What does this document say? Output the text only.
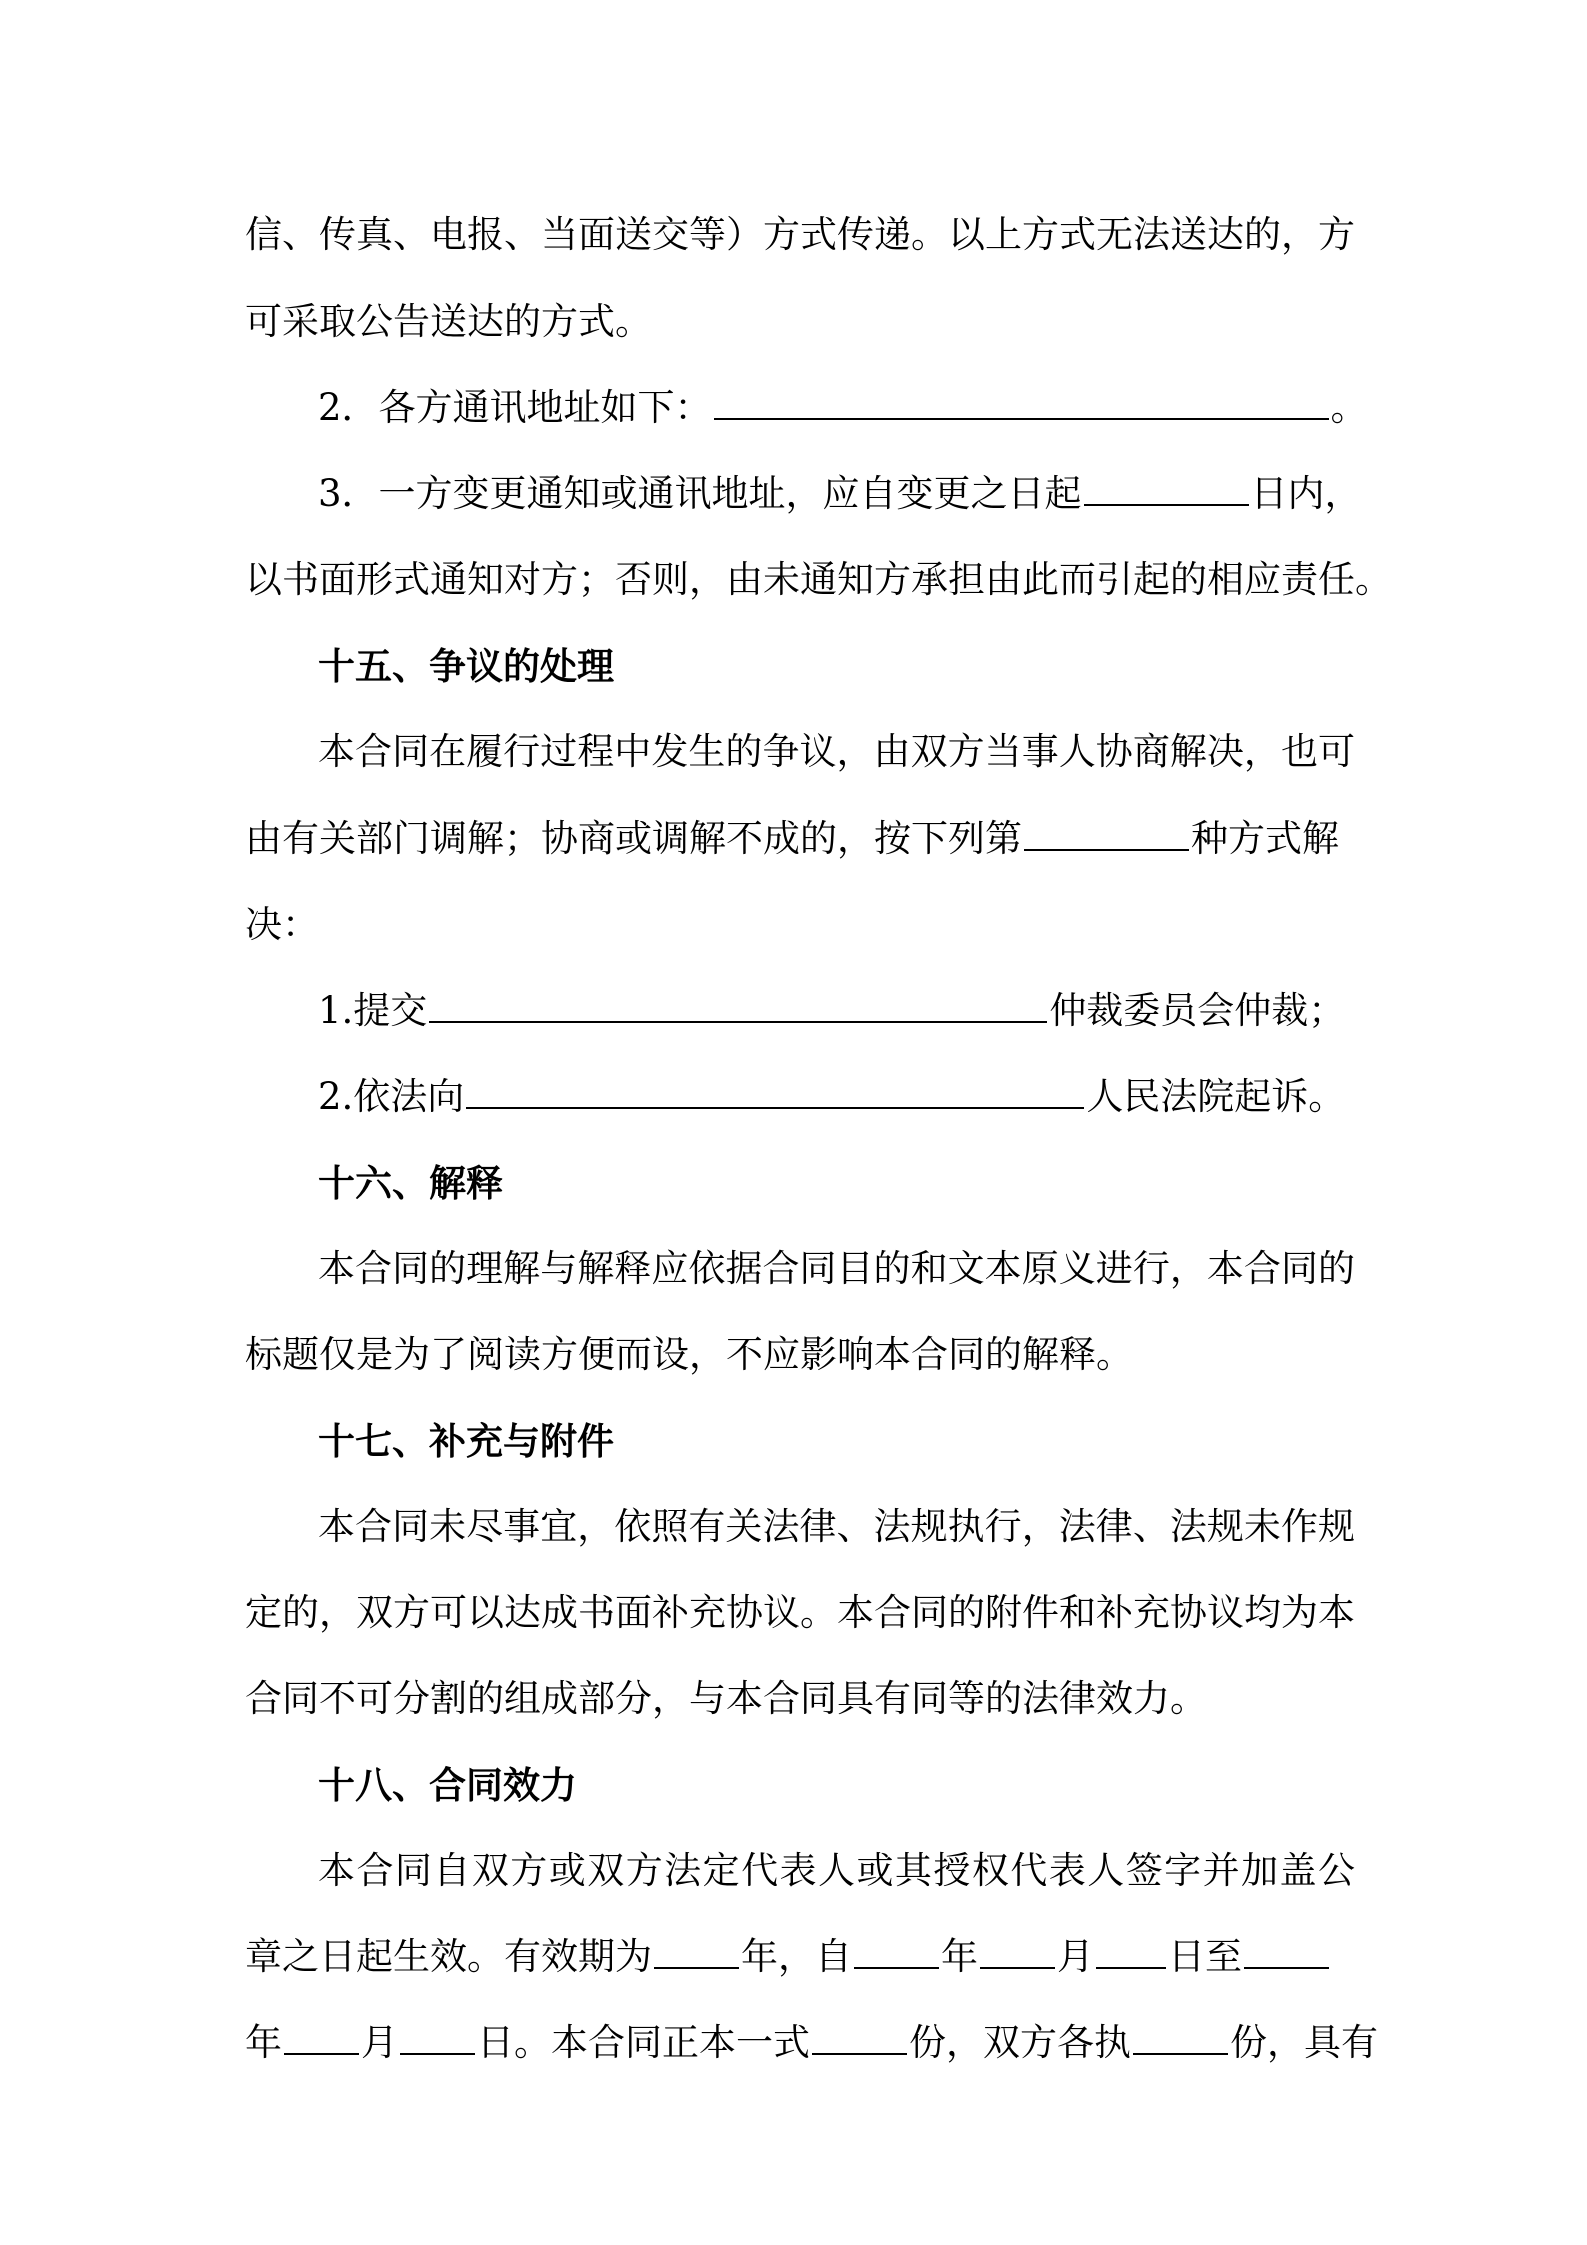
信、传真、电报、当面送交等）方式传递。以上方式无法送达的，方
可采取公告送达的方式。
2．各方通讯地址如下：	。
3．一方变更通知或通讯地址，应自变更之日起	日内，
以书面形式通知对方；否则，由未通知方承担由此而引起的相应责任。
十五、争议的处理
本合同在履行过程中发生的争议，由双方当事人协商解决，也可
由有关部门调解；协商或调解不成的，按下列第	种方式解
决：
1.提交	仲裁委员会仲裁；
2.依法向	人民法院起诉。
十六、解释
本合同的理解与解释应依据合同目的和文本原义进行，本合同的
标题仅是为了阅读方便而设，不应影响本合同的解释。
十七、补充与附件
本合同未尽事宜，依照有关法律、法规执行，法律、法规未作规
定的，双方可以达成书面补充协议。本合同的附件和补充协议均为本
合同不可分割的组成部分，与本合同具有同等的法律效力。
十八、合同效力
本合同自双方或双方法定代表人或其授权代表人签字并加盖公
章之日起生效。有效期为 年，自 年 月 日至
年 月 日。本合同正本一式	份，双方各执	份，具有
